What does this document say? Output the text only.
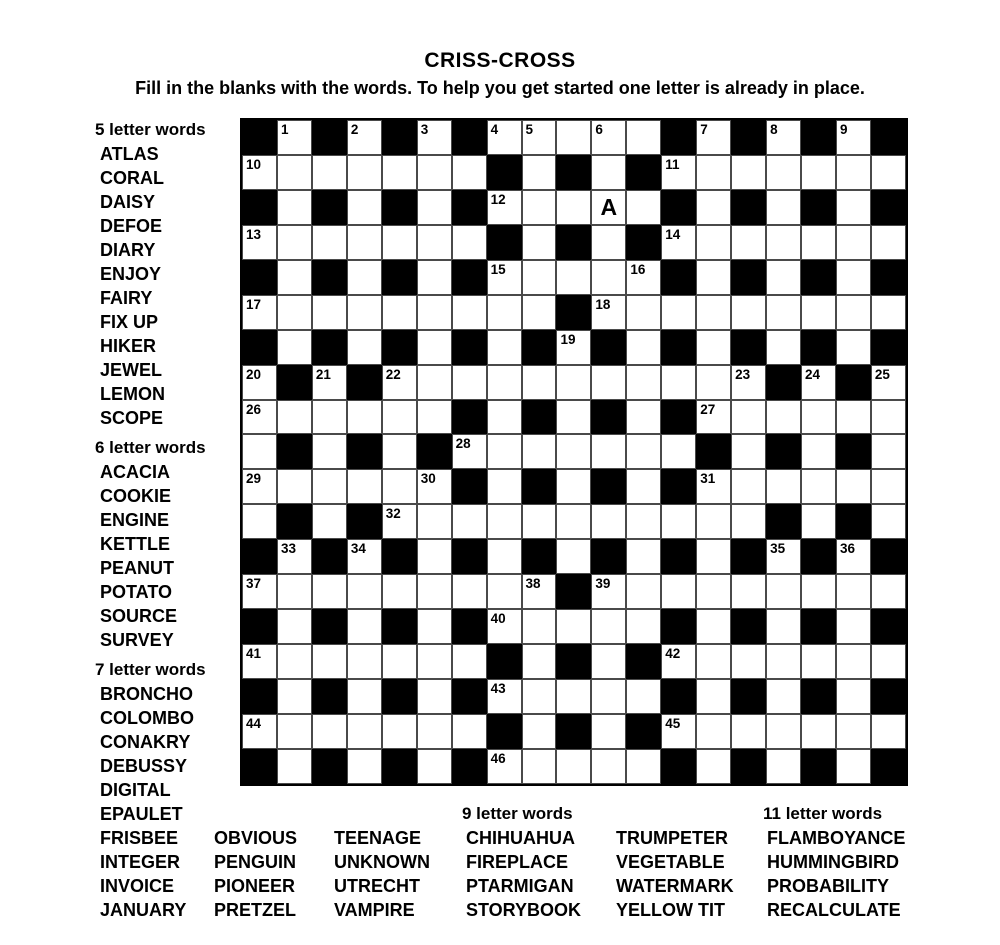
CRISS-CROSS
Fill in the blanks with the words. To help you get started one letter is already in place.
5 letter words
ATLAS
CORAL
DAISY
DEFOE
DIARY
ENJOY
FAIRY
FIX UP
HIKER
JEWEL
LEMON
SCOPE
6 letter words
ACACIA
COOKIE
ENGINE
KETTLE
PEANUT
POTATO
SOURCE
SURVEY
7 letter words
BRONCHO
COLOMBO
CONAKRY
DEBUSSY
DIGITAL
EPAULET
FRISBEE
INTEGER
INVOICE
JANUARY
1	2	3	4 5	6	7	8	9
10	11
12	A
13	14
15	16
17	18
19
20	21	22	23	24	25
26	27
28
29	30	31
32
33	34	35	36
37	38	39
40
41	42
43
44	45
46
OBVIOUS
PENGUIN
PIONEER
PRETZEL
TEENAGE
UNKNOWN
UTRECHT
VAMPIRE
9 letter words
CHIHUAHUA
FIREPLACE
PTARMIGAN
STORYBOOK
TRUMPETER
VEGETABLE
WATERMARK
YELLOW TIT
11 letter words
FLAMBOYANCE
HUMMINGBIRD
PROBABILITY
RECALCULATE
